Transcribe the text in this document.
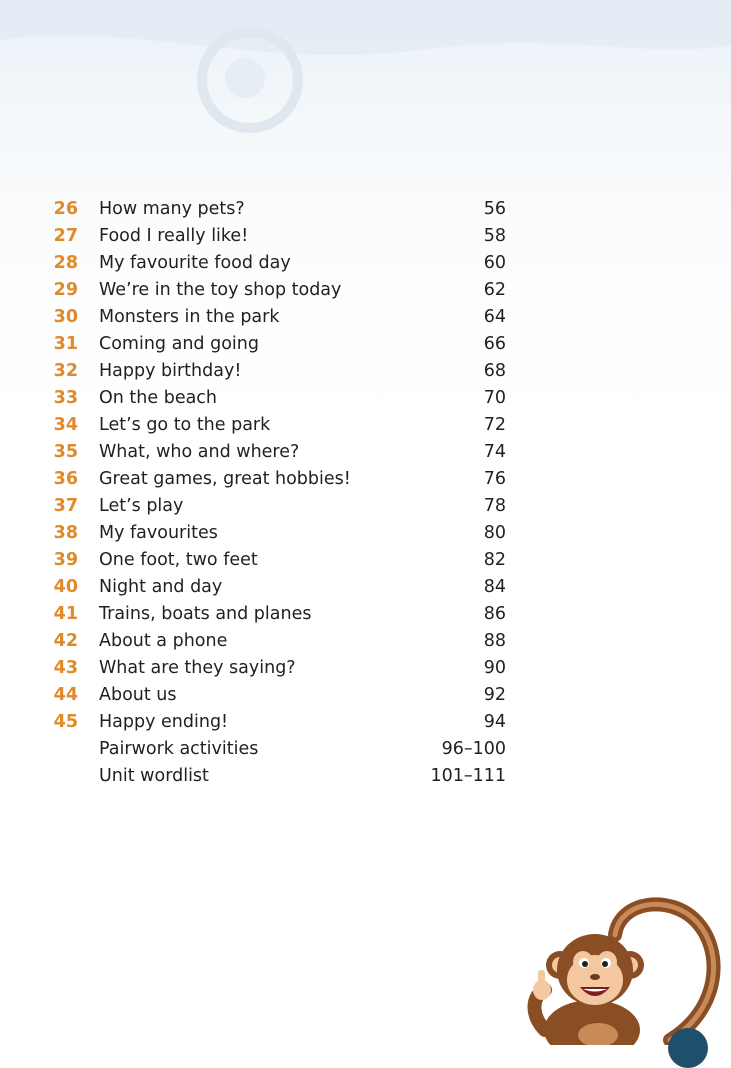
26 How many pets?	56
27 Food I really like!	58
28 My favourite food day	60
29 We’re in the toy shop today	62
30 Monsters in the park	64
31 Coming and going	66
32 Happy birthday!	68
33 On the beach	70
34 Let’s go to the park	72
35 What, who and where?	74
36 Great games, great hobbies!	76
37 Let’s play	78
38 My favourites	80
39 One foot, two feet	82
40 Night and day	84
41 Trains, boats and planes	86
42 About a phone	88
43 What are they saying?	90
44 About us	92
45 Happy ending!	94
Pairwork activities	96–100
Unit wordlist	101–111
